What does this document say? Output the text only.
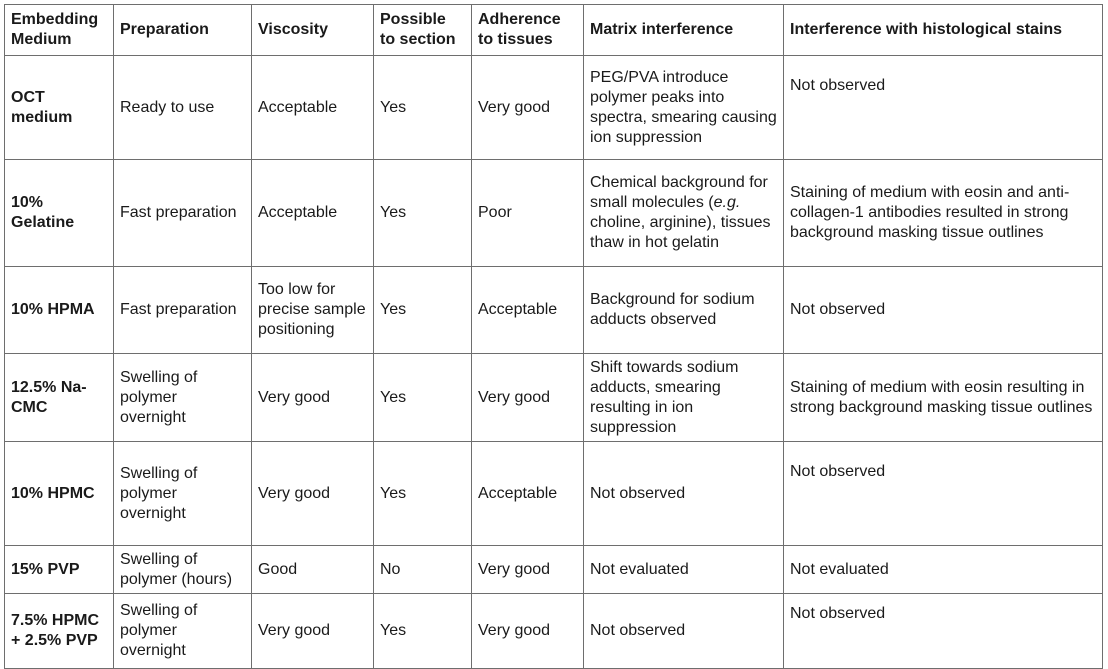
Embedding Medium	Preparation	Viscosity	Possible to section	Adherence to tissues	Matrix interference	Interference with histological stains
OCT medium	Ready to use	Acceptable	Yes	Very good	PEG/PVA introduce polymer peaks into spectra, smearing causing ion suppression	Not observed
10% Gelatine	Fast preparation	Acceptable	Yes	Poor	Chemical background for small molecules (e.g. choline, arginine), tissues thaw in hot gelatin	Staining of medium with eosin and anti-collagen-1 antibodies resulted in strong background masking tissue outlines
10% HPMA	Fast preparation	Too low for precise sample positioning	Yes	Acceptable	Background for sodium adducts observed	Not observed
12.5% Na-CMC	Swelling of polymer overnight	Very good	Yes	Very good	Shift towards sodium adducts, smearing resulting in ion suppression	Staining of medium with eosin resulting in strong background masking tissue outlines
10% HPMC	Swelling of polymer overnight	Very good	Yes	Acceptable	Not observed	Not observed
15% PVP	Swelling of polymer (hours)	Good	No	Very good	Not evaluated	Not evaluated
7.5% HPMC + 2.5% PVP	Swelling of polymer overnight	Very good	Yes	Very good	Not observed	Not observed
